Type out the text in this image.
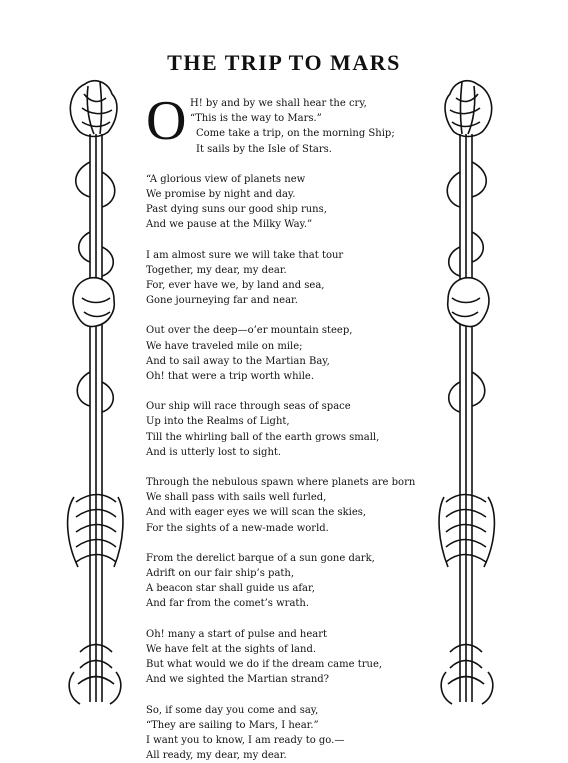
THE TRIP TO MARS
O H! by and by we shall hear the cry,
“This is the way to Mars.”
Come take a trip, on the morning Ship;
It sails by the Isle of Stars.
“A glorious view of planets new
We promise by night and day.
Past dying suns our good ship runs,
And we pause at the Milky Way.”
I am almost sure we will take that tour
Together, my dear, my dear.
For, ever have we, by land and sea,
Gone journeying far and near.
Out over the deep—o’er mountain steep,
We have traveled mile on mile;
And to sail away to the Martian Bay,
Oh! that were a trip worth while.
Our ship will race through seas of space
Up into the Realms of Light,
Till the whirling ball of the earth grows small,
And is utterly lost to sight.
Through the nebulous spawn where planets are born
We shall pass with sails well furled,
And with eager eyes we will scan the skies,
For the sights of a new-made world.
From the derelict barque of a sun gone dark,
Adrift on our fair ship’s path,
A beacon star shall guide us afar,
And far from the comet’s wrath.
Oh! many a start of pulse and heart
We have felt at the sights of land.
But what would we do if the dream came true,
And we sighted the Martian strand?
So, if some day you come and say,
“They are sailing to Mars, I hear.”
I want you to know, I am ready to go.—
All ready, my dear, my dear.
